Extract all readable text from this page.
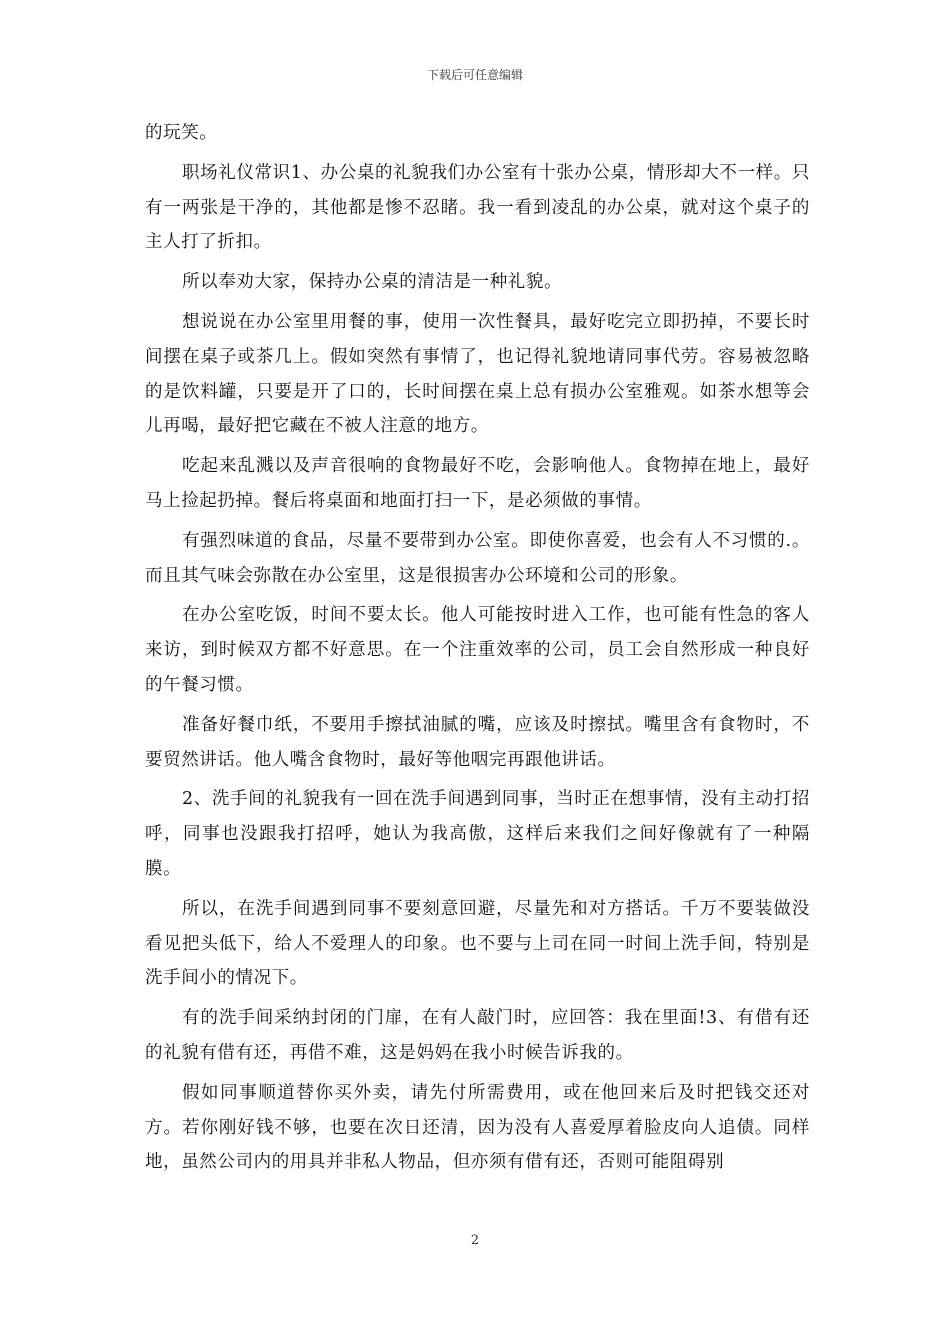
下载后可任意编辑

的玩笑。

职场礼仪常识1、办公桌的礼貌我们办公室有十张办公桌，情形却大不一样。只有一两张是干净的，其他都是惨不忍睹。我一看到凌乱的办公桌，就对这个桌子的主人打了折扣。

所以奉劝大家，保持办公桌的清洁是一种礼貌。

想说说在办公室里用餐的事，使用一次性餐具，最好吃完立即扔掉，不要长时间摆在桌子或茶几上。假如突然有事情了，也记得礼貌地请同事代劳。容易被忽略的是饮料罐，只要是开了口的，长时间摆在桌上总有损办公室雅观。如茶水想等会儿再喝，最好把它藏在不被人注意的地方。

吃起来乱溅以及声音很响的食物最好不吃，会影响他人。食物掉在地上，最好马上捡起扔掉。餐后将桌面和地面打扫一下，是必须做的事情。

有强烈味道的食品，尽量不要带到办公室。即使你喜爱，也会有人不习惯的.。而且其气味会弥散在办公室里，这是很损害办公环境和公司的形象。

在办公室吃饭，时间不要太长。他人可能按时进入工作，也可能有性急的客人来访，到时候双方都不好意思。在一个注重效率的公司，员工会自然形成一种良好的午餐习惯。

准备好餐巾纸，不要用手擦拭油腻的嘴，应该及时擦拭。嘴里含有食物时，不要贸然讲话。他人嘴含食物时，最好等他咽完再跟他讲话。

2、洗手间的礼貌我有一回在洗手间遇到同事，当时正在想事情，没有主动打招呼，同事也没跟我打招呼，她认为我高傲，这样后来我们之间好像就有了一种隔膜。

所以，在洗手间遇到同事不要刻意回避，尽量先和对方搭话。千万不要装做没看见把头低下，给人不爱理人的印象。也不要与上司在同一时间上洗手间，特别是洗手间小的情况下。

有的洗手间采纳封闭的门扉，在有人敲门时，应回答：我在里面!3、有借有还的礼貌有借有还，再借不难，这是妈妈在我小时候告诉我的。

假如同事顺道替你买外卖，请先付所需费用，或在他回来后及时把钱交还对方。若你刚好钱不够，也要在次日还清，因为没有人喜爱厚着脸皮向人追债。同样地，虽然公司内的用具并非私人物品，但亦须有借有还，否则可能阻碍别

2
